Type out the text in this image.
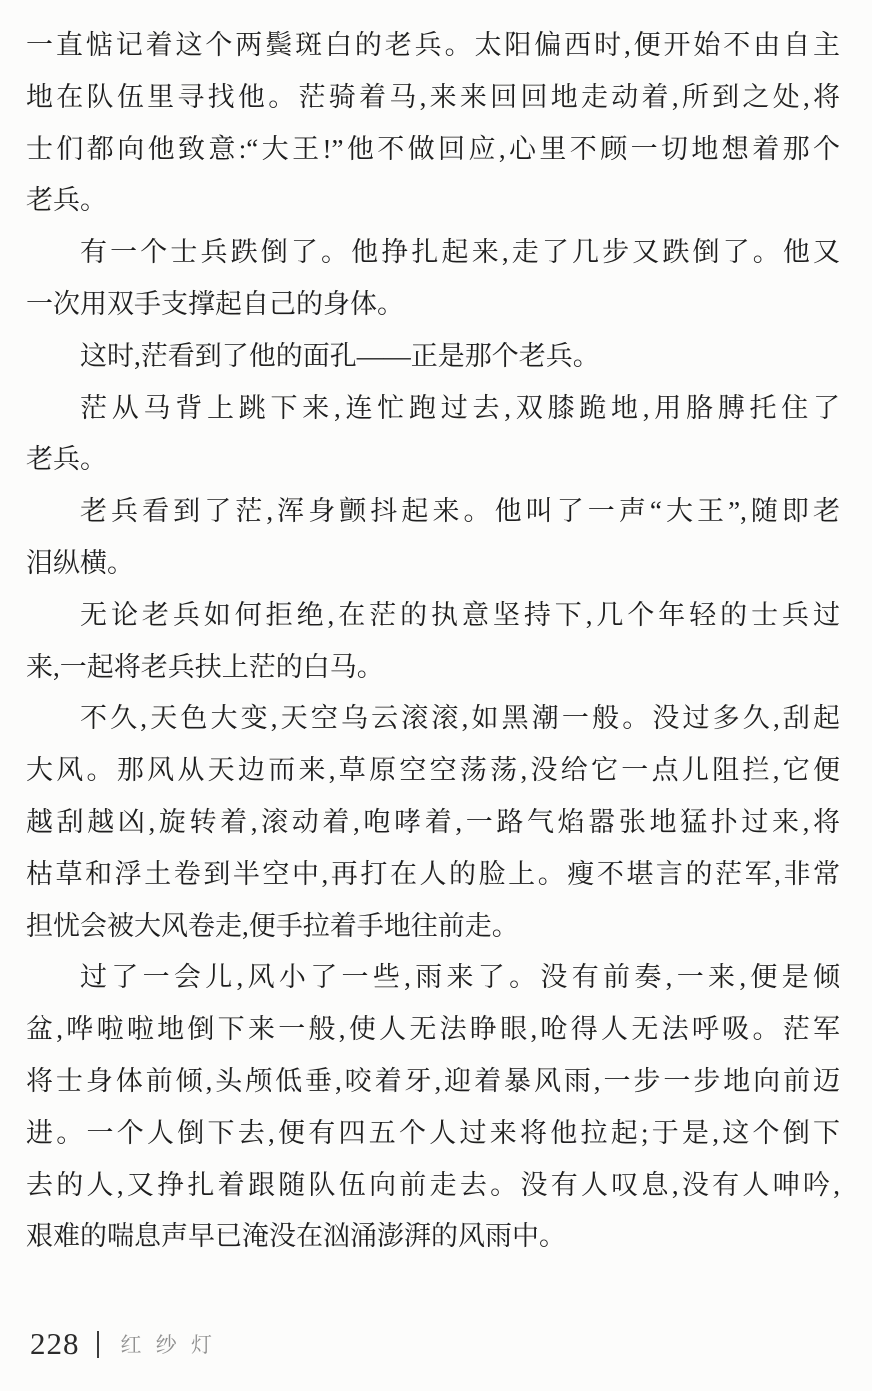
一直惦记着这个两鬓斑白的老兵。太阳偏西时,便开始不由自主
地在队伍里寻找他。茫骑着马,来来回回地走动着,所到之处,将
士们都向他致意:“大王!”他不做回应,心里不顾一切地想着那个
老兵。
有一个士兵跌倒了。他挣扎起来,走了几步又跌倒了。他又
一次用双手支撑起自己的身体。
这时,茫看到了他的面孔——正是那个老兵。
茫从马背上跳下来,连忙跑过去,双膝跪地,用胳膊托住了
老兵。
老兵看到了茫,浑身颤抖起来。他叫了一声“大王”,随即老
泪纵横。
无论老兵如何拒绝,在茫的执意坚持下,几个年轻的士兵过
来,一起将老兵扶上茫的白马。
不久,天色大变,天空乌云滚滚,如黑潮一般。没过多久,刮起
大风。那风从天边而来,草原空空荡荡,没给它一点儿阻拦,它便
越刮越凶,旋转着,滚动着,咆哮着,一路气焰嚣张地猛扑过来,将
枯草和浮土卷到半空中,再打在人的脸上。瘦不堪言的茫军,非常
担忧会被大风卷走,便手拉着手地往前走。
过了一会儿,风小了一些,雨来了。没有前奏,一来,便是倾
盆,哗啦啦地倒下来一般,使人无法睁眼,呛得人无法呼吸。茫军
将士身体前倾,头颅低垂,咬着牙,迎着暴风雨,一步一步地向前迈
进。一个人倒下去,便有四五个人过来将他拉起;于是,这个倒下
去的人,又挣扎着跟随队伍向前走去。没有人叹息,没有人呻吟,
艰难的喘息声早已淹没在汹涌澎湃的风雨中。
228 红纱灯
